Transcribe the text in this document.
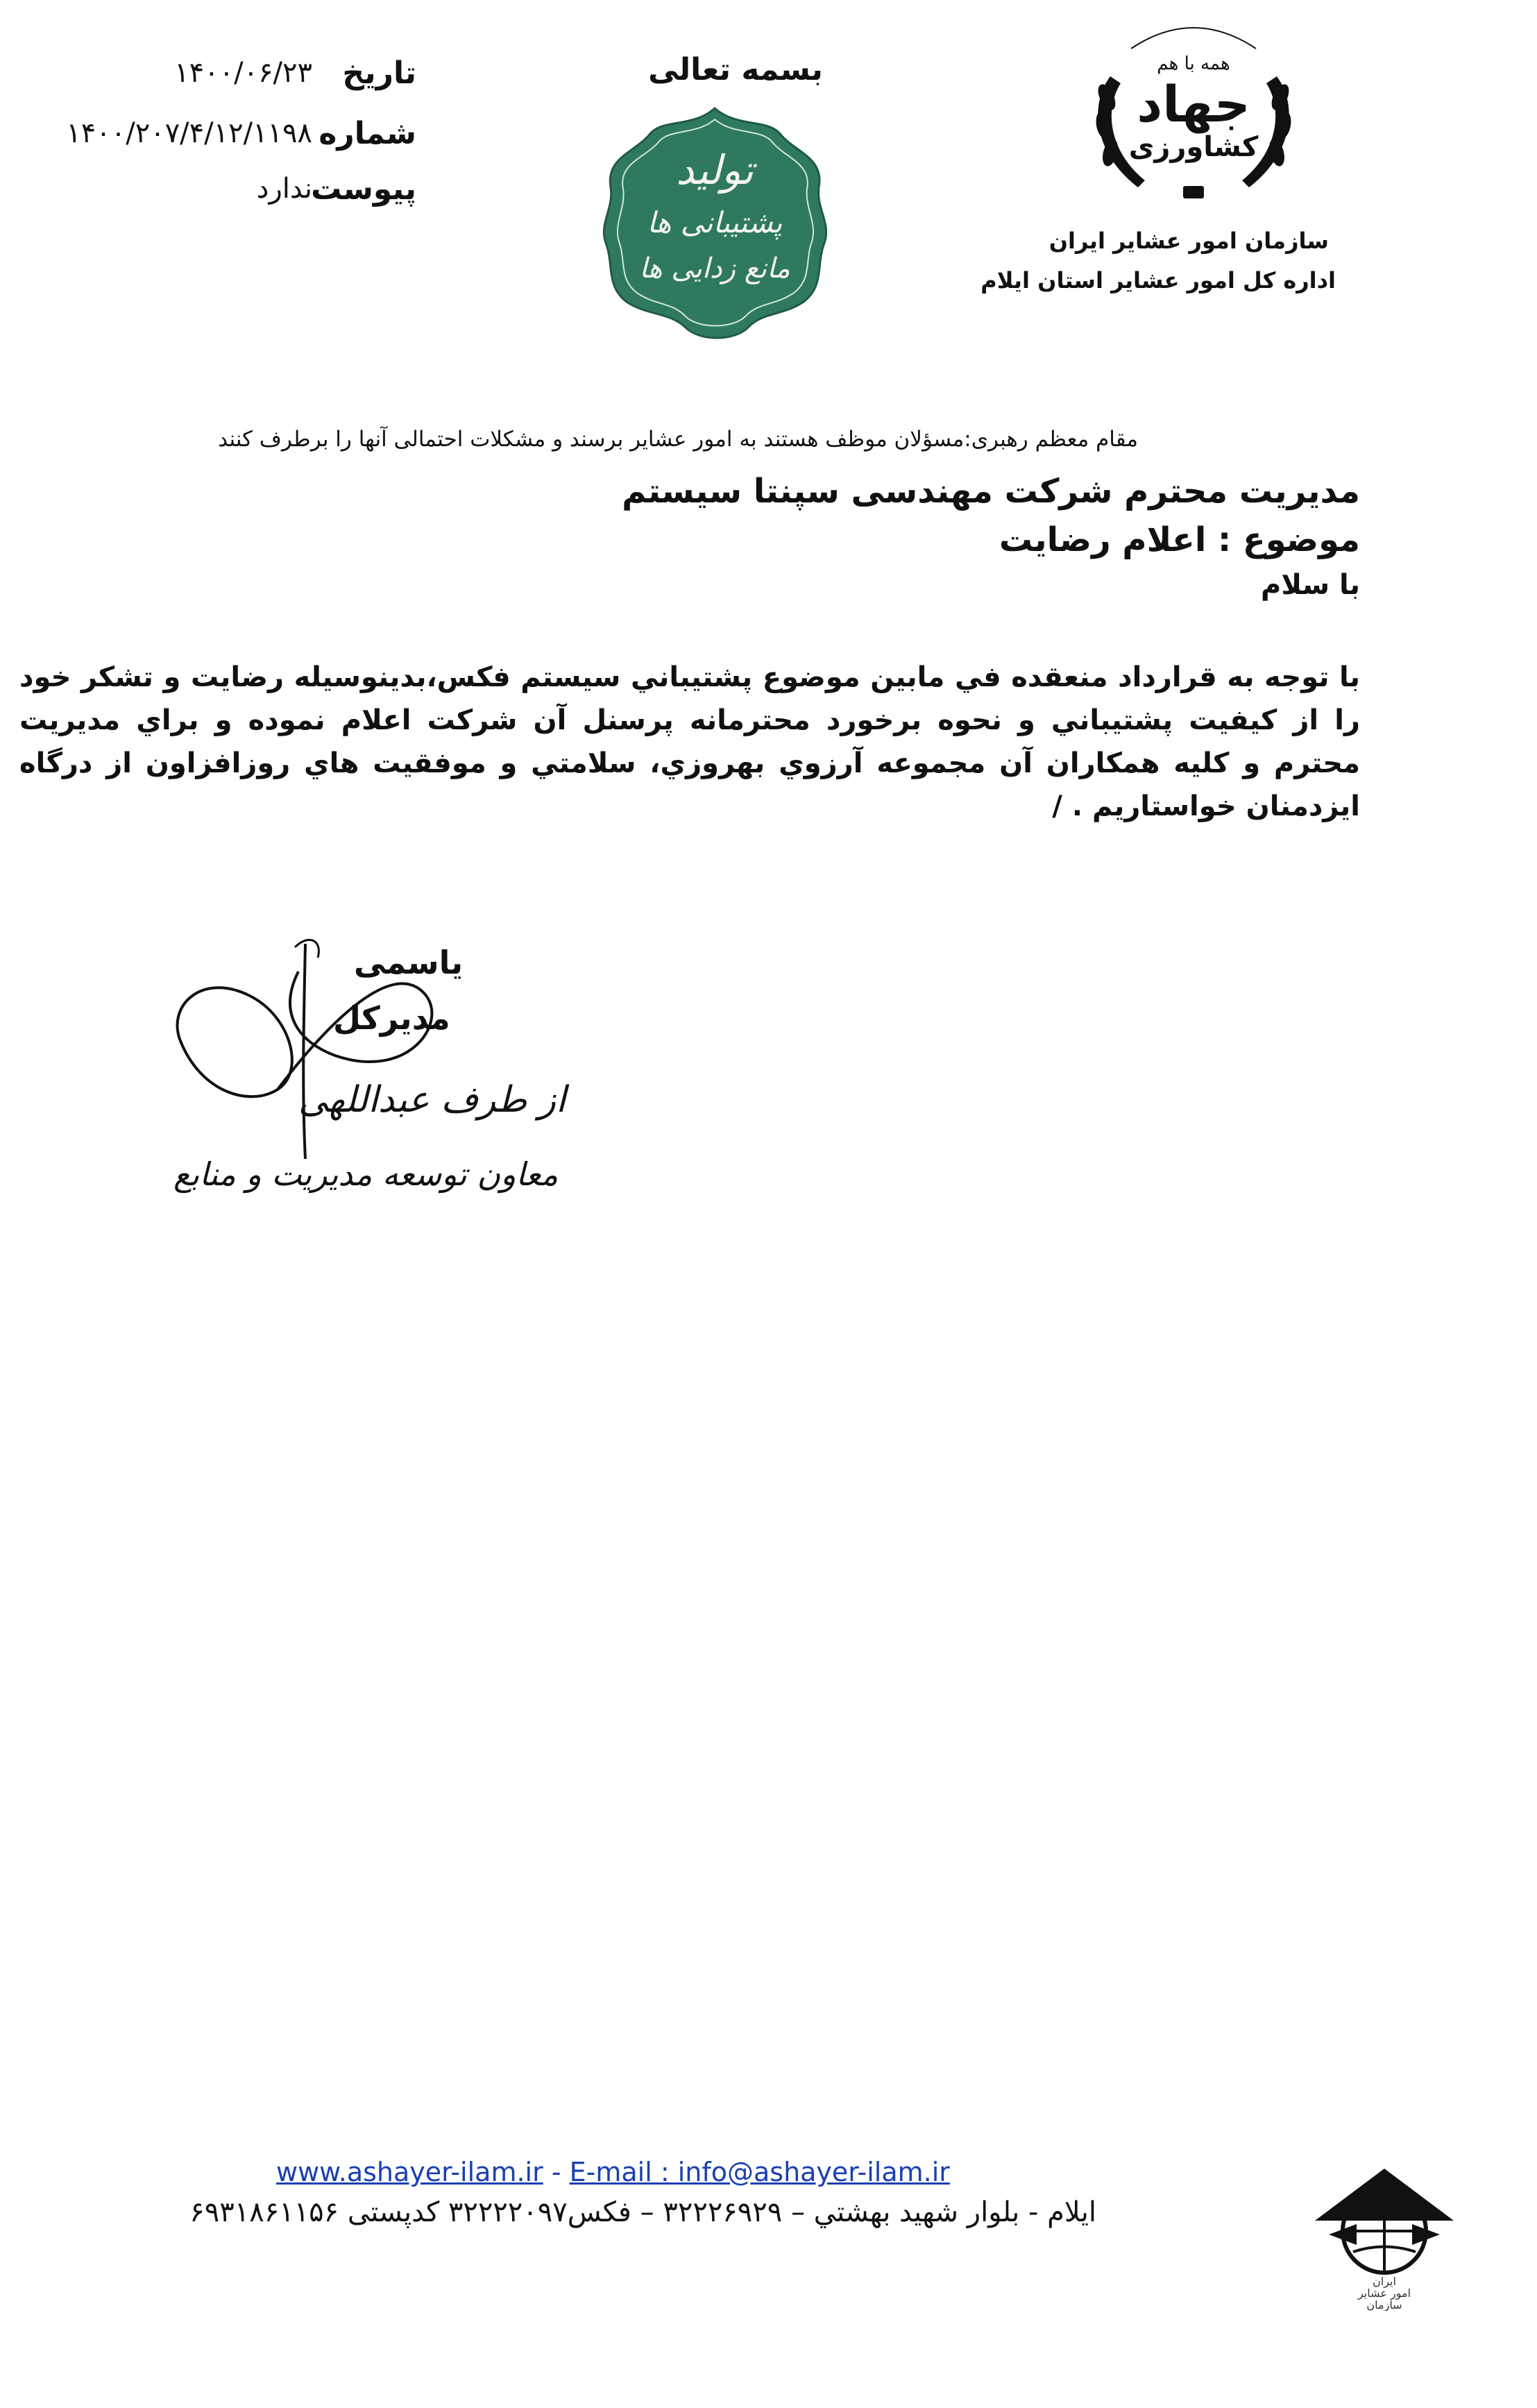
تاریخ
۱۴۰۰/۰۶/۲۳
شماره
۱۴۰۰/۲۰۷/۴/۱۲/۱۱۹۸
پیوست
ندارد
بسمه تعالی
تولید
پشتیبانی ها
مانع زدایی ها
همه با هم
جهاد
کشاورزی
سازمان امور عشایر ایران
اداره کل امور عشایر استان ایلام
مقام معظم رهبری:مسؤلان موظف هستند به امور عشایر برسند و مشکلات احتمالی آنها را برطرف کنند
مدیریت محترم شرکت مهندسی سپنتا سیستم
موضوع : اعلام رضایت
با سلام
با توجه به قرارداد منعقده في مابين موضوع پشتيباني سيستم فكس،بدينوسيله رضايت و تشكر خود را از كيفيت پشتيباني و نحوه برخورد محترمانه پرسنل آن شركت اعلام نموده و براي مديريت محترم و كليه همكاران آن مجموعه آرزوي بهروزي، سلامتي و موفقيت هاي روزافزاون از درگاه ايزدمنان خواستاريم . /
یاسمی
مدیرکل
از طرف عبداللهی
معاون توسعه مدیریت و منابع
www.ashayer-ilam.ir - E-mail : info@ashayer-ilam.ir
ایلام - بلوار شهید بهشتي – ۳۲۲۲۶۹۲۹ – فکس۳۲۲۲۲۰۹۷ کدپستی ۶۹۳۱۸۶۱۱۵۶
ایران
امور عشایر
سازمان
